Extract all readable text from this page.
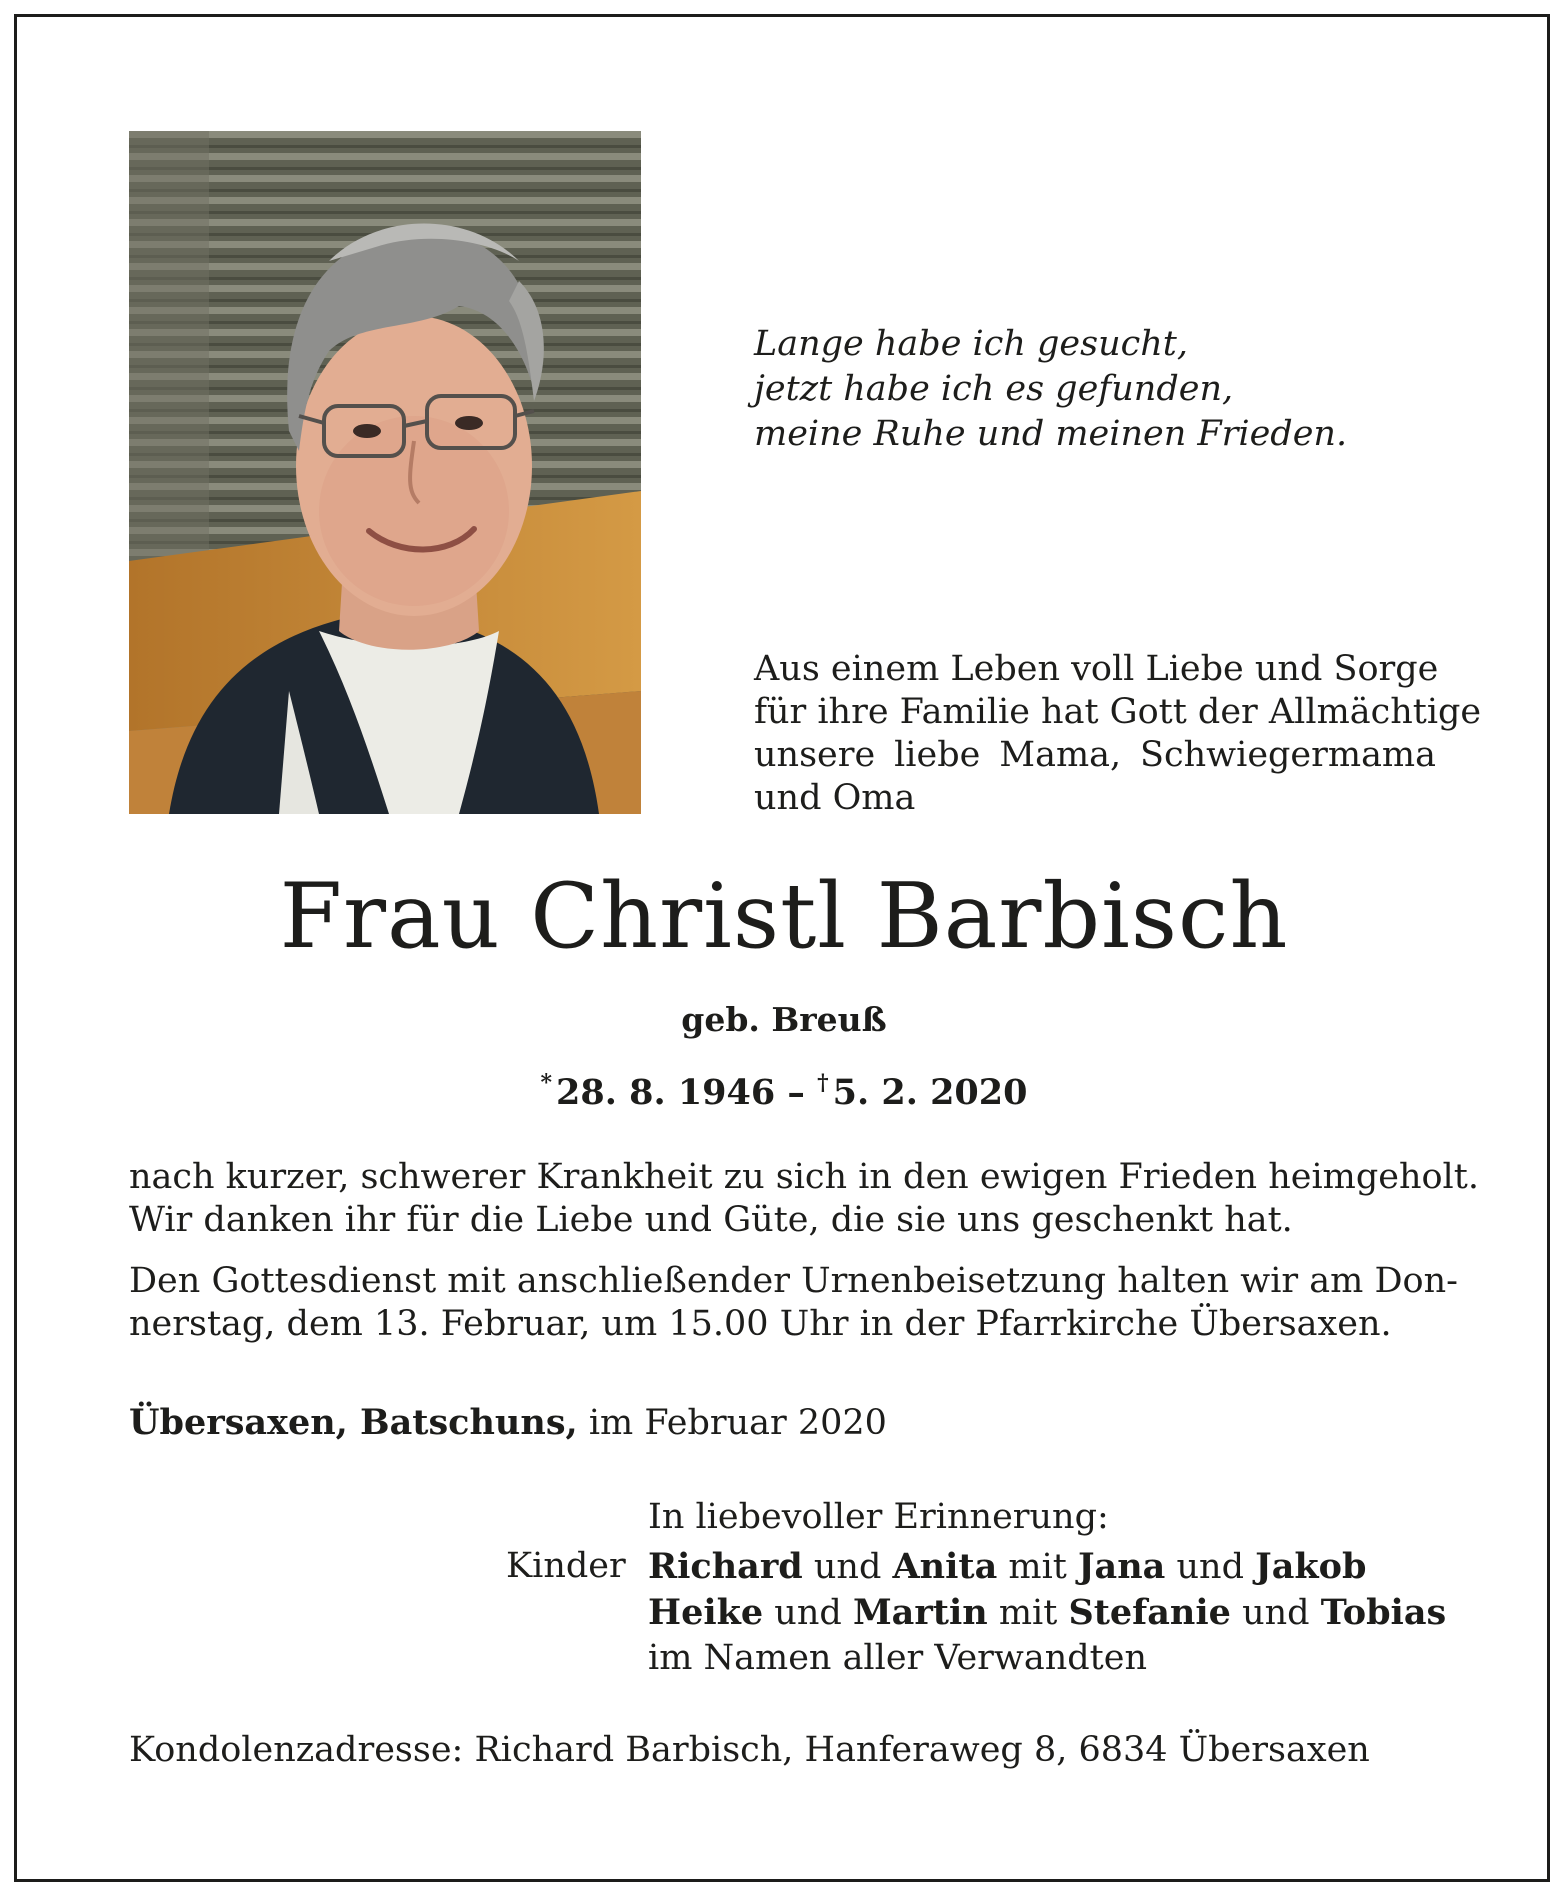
Lange habe ich gesucht,
jetzt habe ich es gefunden,
meine Ruhe und meinen Frieden.
Aus einem Leben voll Liebe und Sorge
für ihre Familie hat Gott der Allmächtige
unsere liebe Mama, Schwiegermama
und Oma
Frau Christl Barbisch
geb. Breuß
* 28. 8. 1946 – † 5. 2. 2020
nach kurzer, schwerer Krankheit zu sich in den ewigen Frieden heimgeholt.
Wir danken ihr für die Liebe und Güte, die sie uns geschenkt hat.
Den Gottesdienst mit anschließender Urnenbeisetzung halten wir am Don-
nerstag, dem 13. Februar, um 15.00 Uhr in der Pfarrkirche Übersaxen.
Übersaxen, Batschuns, im Februar 2020
In liebevoller Erinnerung:
Kinder Richard und Anita mit Jana und Jakob
Heike und Martin mit Stefanie und Tobias
im Namen aller Verwandten
Kondolenzadresse: Richard Barbisch, Hanferaweg 8, 6834 Übersaxen
